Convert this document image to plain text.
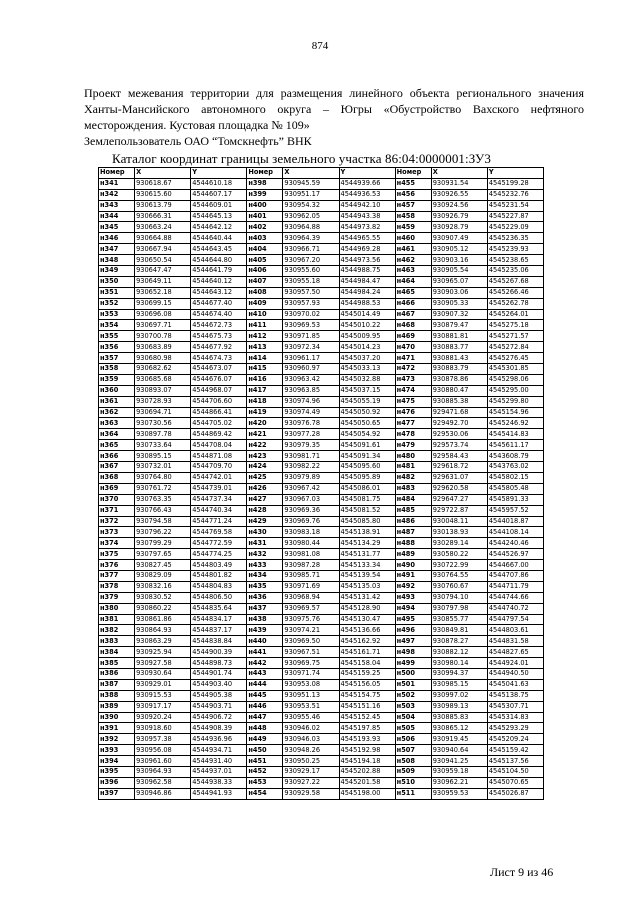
874
Проект межевания территории для размещения линейного объекта регионального значения Ханты-Мансийского автономного округа – Югры «Обустройство Вахского нефтяного месторождения. Кустовая площадка № 109»
Землепользователь ОАО “Томскнефть” ВНК
Каталог координат границы земельного участка 86:04:0000001:ЗУ3
Номер	X	Y	Номер	X	Y	Номер	X	Y
н341	930618.67	4544610.18	н398	930945.59	4544939.66	н455	930931.54	4545199.28
н342	930615.60	4544607.17	н399	930951.17	4544936.53	н456	930926.55	4545232.76
н343	930613.79	4544609.01	н400	930954.32	4544942.10	н457	930924.56	4545231.54
н344	930666.31	4544645.13	н401	930962.05	4544943.38	н458	930926.79	4545227.87
н345	930663.24	4544642.12	н402	930964.88	4544973.82	н459	930928.79	4545229.09
н346	930664.88	4544640.44	н403	930964.39	4544965.55	н460	930907.49	4545236.35
н347	930667.94	4544643.45	н404	930966.71	4544969.28	н461	930905.12	4545239.93
н348	930650.54	4544644.80	н405	930967.20	4544973.56	н462	930903.16	4545238.65
н349	930647.47	4544641.79	н406	930955.60	4544988.75	н463	930905.54	4545235.06
н350	930649.11	4544640.12	н407	930955.18	4544984.47	н464	930965.07	4545267.68
н351	930652.18	4544643.12	н408	930957.50	4544984.24	н465	930903.06	4545266.46
н352	930699.15	4544677.40	н409	930957.93	4544988.53	н466	930905.33	4545262.78
н353	930696.08	4544674.40	н410	930970.02	4545014.49	н467	930907.32	4545264.01
н354	930697.71	4544672.73	н411	930969.53	4545010.22	н468	930879.47	4545275.18
н355	930700.78	4544675.73	н412	930971.85	4545009.95	н469	930881.81	4545271.57
н356	930683.89	4544677.92	н413	930972.34	4545014.23	н470	930883.77	4545272.84
н357	930680.98	4544674.73	н414	930961.17	4545037.20	н471	930881.43	4545276.45
н358	930682.62	4544673.07	н415	930960.97	4545033.13	н472	930883.79	4545301.85
н359	930685.68	4544676.07	н416	930963.42	4545032.88	н473	930878.86	4545298.06
н360	930893.07	4544968.07	н417	930963.85	4545037.15	н474	930880.47	4545295.00
н361	930728.93	4544706.60	н418	930974.96	4545055.19	н475	930885.38	4545299.80
н362	930694.71	4544866.41	н419	930974.49	4545050.92	н476	929471.68	4545154.96
н363	930730.56	4544705.02	н420	930976.78	4545050.65	н477	929492.70	4545246.92
н364	930897.78	4544869.42	н421	930977.28	4545054.92	н478	929530.06	4545414.83
н365	930733.64	4544708.04	н422	930979.35	4545091.61	н479	929573.74	4545611.17
н366	930895.15	4544871.08	н423	930981.71	4545091.34	н480	929584.43	4543608.79
н367	930732.01	4544709.70	н424	930982.22	4545095.60	н481	929618.72	4543763.02
н368	930764.80	4544742.01	н425	930979.89	4545095.89	н482	929631.07	4545802.15
н369	930761.72	4544739.01	н426	930967.42	4545086.01	н483	929620.58	4545805.48
н370	930763.35	4544737.34	н427	930967.03	4545081.75	н484	929647.27	4545891.33
н371	930766.43	4544740.34	н428	930969.36	4545081.52	н485	929722.87	4545957.52
н372	930794.58	4544771.24	н429	930969.76	4545085.80	н486	930048.11	4544018.87
н373	930796.22	4544769.58	н430	930983.18	4545138.91	н487	930138.93	4544108.14
н374	930799.29	4544772.59	н431	930980.44	4545134.29	н488	930289.14	4544240.46
н375	930797.65	4544774.25	н432	930981.08	4545131.77	н489	930580.22	4544526.97
н376	930827.45	4544803.49	н433	930987.28	4545133.34	н490	930722.99	4544667.00
н377	930829.09	4544801.82	н434	930985.71	4545139.54	н491	930764.55	4544707.86
н378	930832.16	4544804.83	н435	930971.69	4545135.03	н492	930760.67	4544711.79
н379	930830.52	4544806.50	н436	930968.94	4545131.42	н493	930794.10	4544744.66
н380	930860.22	4544835.64	н437	930969.57	4545128.90	н494	930797.98	4544740.72
н381	930861.86	4544834.17	н438	930975.76	4545130.47	н495	930855.77	4544797.54
н382	930864.93	4544837.17	н439	930974.21	4545136.66	н496	930849.81	4544803.61
н383	930863.29	4544838.84	н440	930969.50	4545162.92	н497	930878.27	4544831.58
н384	930925.94	4544900.39	н441	930967.51	4545161.71	н498	930882.12	4544827.65
н385	930927.58	4544898.73	н442	930969.75	4545158.04	н499	930980.14	4544924.01
н386	930930.64	4544901.74	н443	930971.74	4545159.25	н500	930994.37	4544940.50
н387	930929.01	4544903.40	н444	930953.08	4545156.05	н501	930985.15	4545041.63
н388	930915.53	4544905.38	н445	930951.13	4545154.75	н502	930997.02	4545138.75
н389	930917.17	4544903.71	н446	930953.51	4545151.16	н503	930989.13	4545307.71
н390	930920.24	4544906.72	н447	930955.46	4545152.45	н504	930885.83	4545314.83
н391	930918.60	4544908.39	н448	930946.02	4545197.85	н505	930865.12	4545293.29
н392	930957.38	4544936.96	н449	930946.03	4545193.93	н506	930919.45	4545209.24
н393	930956.08	4544934.71	н450	930948.26	4545192.98	н507	930940.64	4545159.42
н394	930961.60	4544931.40	н451	930950.25	4545194.18	н508	930941.25	4545137.56
н395	930964.93	4544937.01	н452	930929.17	4545202.88	н509	930959.18	4545104.50
н396	930962.58	4544938.33	н453	930927.22	4545201.58	н510	930962.21	4545070.65
н397	930946.86	4544941.93	н454	930929.58	4545198.00	н511	930959.53	4545026.87
Лист 9 из 46
